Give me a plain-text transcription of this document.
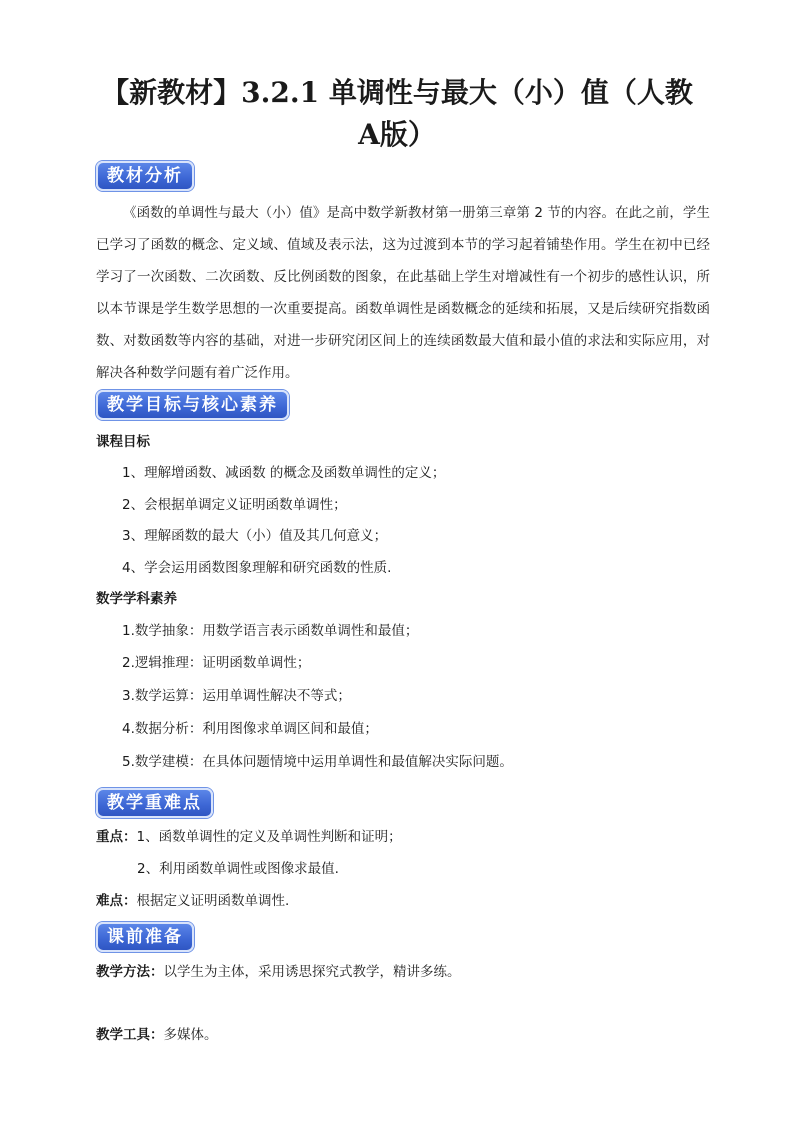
【新教材】3.2.1 单调性与最大（小）值（人教
A版）
教材分析

《函数的单调性与最大（小）值》是高中数学新教材第一册第三章第 2 节的内容。在此之前，学生已学习了函数的概念、定义域、值域及表示法，这为过渡到本节的学习起着铺垫作用。学生在初中已经学习了一次函数、二次函数、反比例函数的图象，在此基础上学生对增减性有一个初步的感性认识，所以本节课是学生数学思想的一次重要提高。函数单调性是函数概念的延续和拓展，又是后续研究指数函数、对数函数等内容的基础，对进一步研究闭区间上的连续函数最大值和最小值的求法和实际应用，对解决各种数学问题有着广泛作用。

教学目标与核心素养
课程目标
1、理解增函数、减函数 的概念及函数单调性的定义；
2、会根据单调定义证明函数单调性；
3、理解函数的最大（小）值及其几何意义；
4、学会运用函数图象理解和研究函数的性质.
数学学科素养
1.数学抽象：用数学语言表示函数单调性和最值；
2.逻辑推理：证明函数单调性；
3.数学运算：运用单调性解决不等式；
4.数据分析：利用图像求单调区间和最值；
5.数学建模：在具体问题情境中运用单调性和最值解决实际问题。
教学重难点
重点：1、函数单调性的定义及单调性判断和证明；
2、利用函数单调性或图像求最值.
难点：根据定义证明函数单调性.
课前准备
教学方法：以学生为主体，采用诱思探究式教学，精讲多练。
教学工具：多媒体。
